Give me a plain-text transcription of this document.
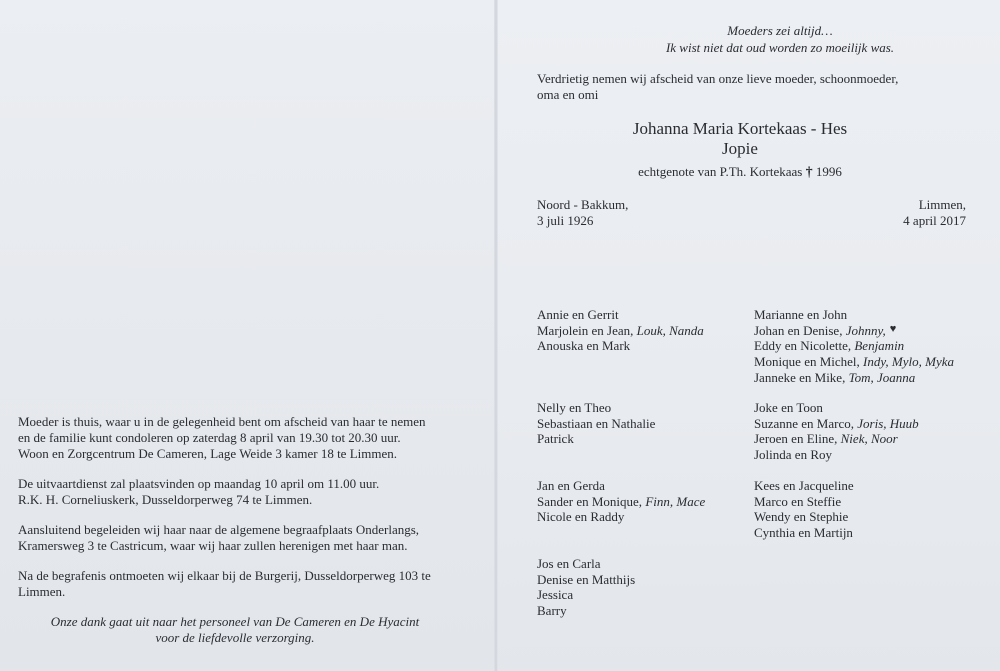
Moeder is thuis, waar u in de gelegenheid bent om afscheid van haar te nemen

en de familie kunt condoleren op zaterdag 8 april van 19.30 tot 20.30 uur.

Woon en Zorgcentrum De Cameren, Lage Weide 3 kamer 18 te Limmen.

De uitvaartdienst zal plaatsvinden op maandag 10 april om 11.00 uur.

R.K. H. Corneliuskerk, Dusseldorperweg 74 te Limmen.

Aansluitend begeleiden wij haar naar de algemene begraafplaats Onderlangs,

Kramersweg 3 te Castricum, waar wij haar zullen herenigen met haar man.

Na de begrafenis ontmoeten wij elkaar bij de Burgerij, Dusseldorperweg 103 te

Limmen.

Onze dank gaat uit naar het personeel van De Cameren en De Hyacint
voor de liefdevolle verzorging.
Moeders zei altijd…
Ik wist niet dat oud worden zo moeilijk was.
Verdrietig nemen wij afscheid van onze lieve moeder, schoonmoeder,
oma en omi
Johanna Maria Kortekaas - Hes
Jopie
echtgenote van P.Th. Kortekaas † 1996
Noord - Bakkum,
3 juli 1926
Limmen,
4 april 2017
Annie en Gerrit
Marjolein en Jean, Louk, Nanda
Anouska en Mark
Marianne en John
Johan en Denise, Johnny, ♥
Eddy en Nicolette, Benjamin
Monique en Michel, Indy, Mylo, Myka
Janneke en Mike, Tom, Joanna
Nelly en Theo
Sebastiaan en Nathalie
Patrick
Joke en Toon
Suzanne en Marco, Joris, Huub
Jeroen en Eline, Niek, Noor
Jolinda en Roy
Jan en Gerda
Sander en Monique, Finn, Mace
Nicole en Raddy
Kees en Jacqueline
Marco en Steffie
Wendy en Stephie
Cynthia en Martijn
Jos en Carla
Denise en Matthijs
Jessica
Barry
